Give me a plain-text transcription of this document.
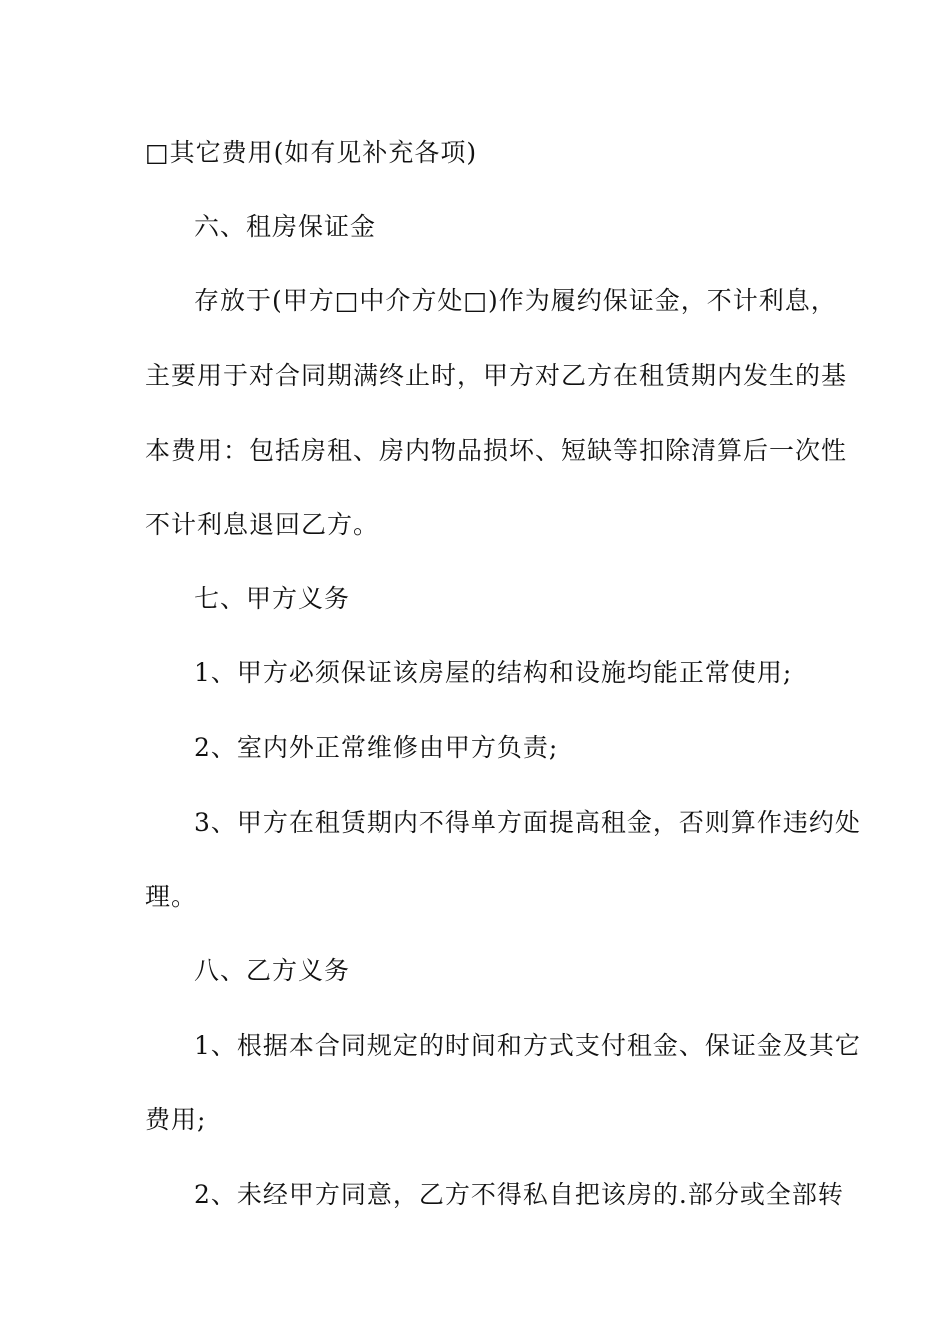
□其它费用(如有见补充各项)
六、租房保证金
存放于(甲方□中介方处□)作为履约保证金，不计利息，
主要用于对合同期满终止时，甲方对乙方在租赁期内发生的基
本费用：包括房租、房内物品损坏、短缺等扣除清算后一次性
不计利息退回乙方。
七、甲方义务
1、甲方必须保证该房屋的结构和设施均能正常使用;
2、室内外正常维修由甲方负责;
3、甲方在租赁期内不得单方面提高租金，否则算作违约处
理。
八、乙方义务
1、根据本合同规定的时间和方式支付租金、保证金及其它
费用;
2、未经甲方同意，乙方不得私自把该房的.部分或全部转
